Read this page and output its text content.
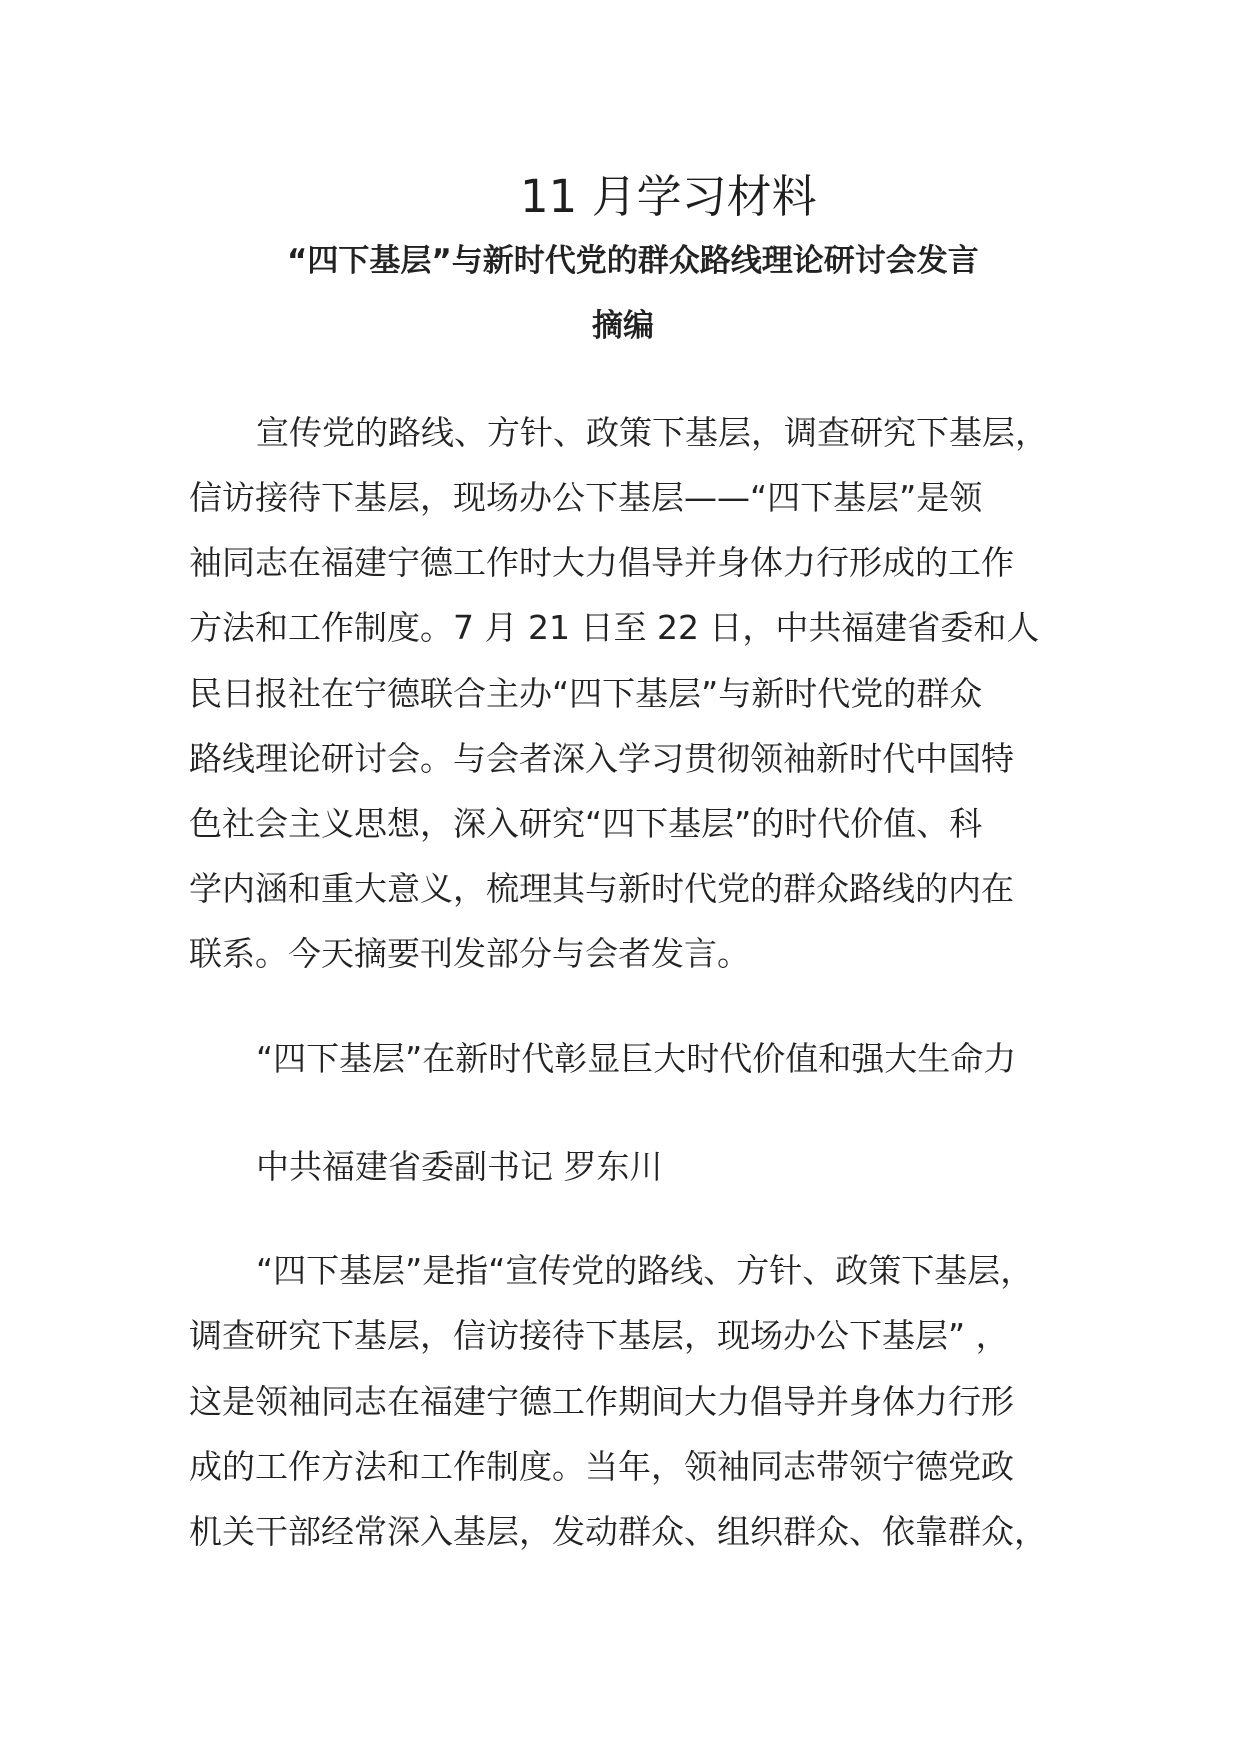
11 月学习材料
“四下基层”与新时代党的群众路线理论研讨会发言
摘编
宣传党的路线、方针、政策下基层，调查研究下基层，
信访接待下基层，现场办公下基层——“四下基层”是领
袖同志在福建宁德工作时大力倡导并身体力行形成的工作
方法和工作制度。7 月 21 日至 22 日，中共福建省委和人
民日报社在宁德联合主办“四下基层”与新时代党的群众
路线理论研讨会。与会者深入学习贯彻领袖新时代中国特
色社会主义思想，深入研究“四下基层”的时代价值、科
学内涵和重大意义，梳理其与新时代党的群众路线的内在
联系。今天摘要刊发部分与会者发言。
“四下基层”在新时代彰显巨大时代价值和强大生命力
中共福建省委副书记 罗东川
“四下基层”是指“宣传党的路线、方针、政策下基层，
调查研究下基层，信访接待下基层，现场办公下基层” ，
这是领袖同志在福建宁德工作期间大力倡导并身体力行形
成的工作方法和工作制度。当年，领袖同志带领宁德党政
机关干部经常深入基层，发动群众、组织群众、依靠群众，
